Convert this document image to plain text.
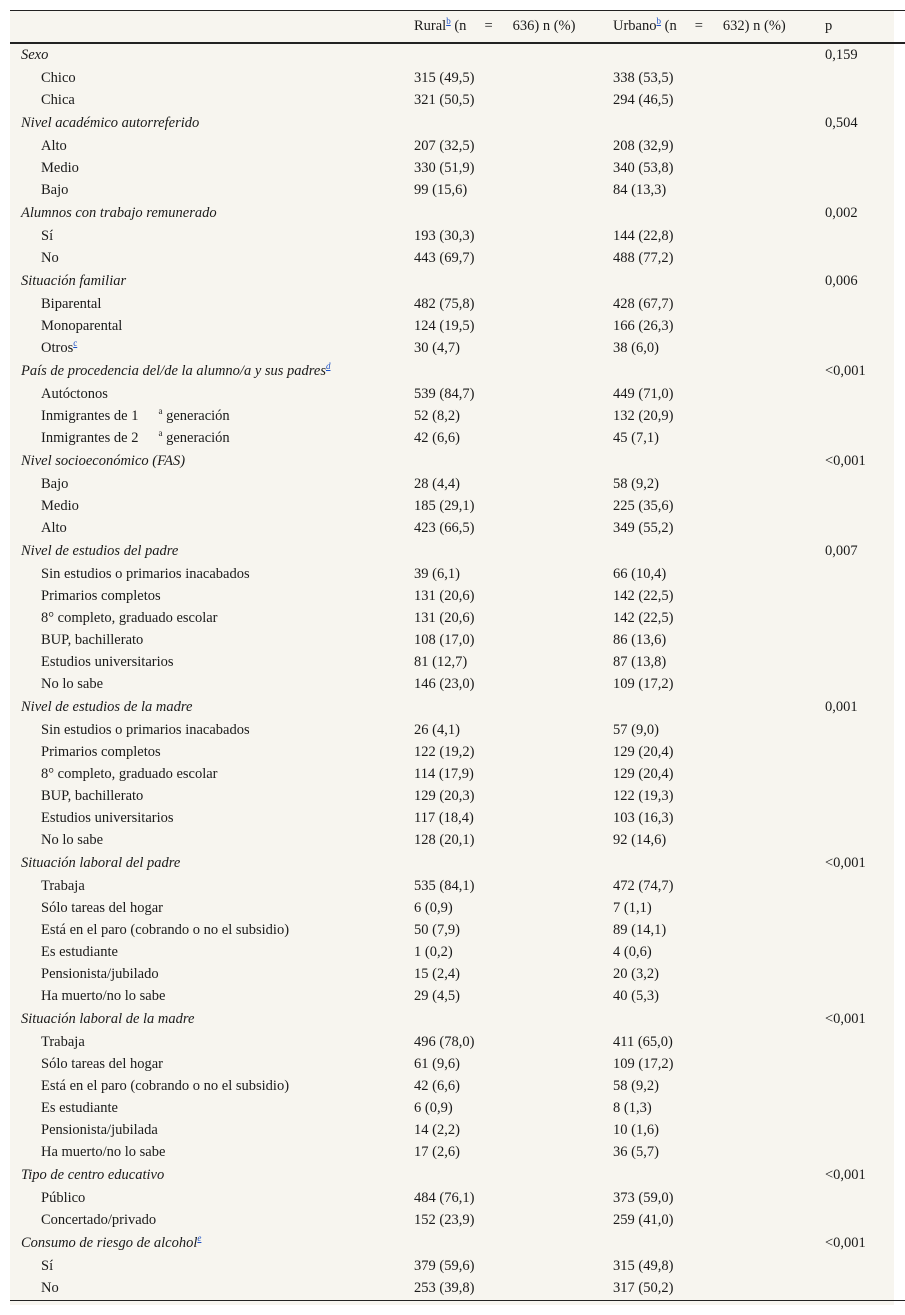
	Rural$^b$ (n = 636) n (%)	Urbano$^b$ (n = 632) n (%)	p
Sexo			0,159
Chico	315 (49,5)	338 (53,5)	
Chica	321 (50,5)	294 (46,5)	
Nivel académico autorreferido			0,504
Alto	207 (32,5)	208 (32,9)	
Medio	330 (51,9)	340 (53,8)	
Bajo	99 (15,6)	84 (13,3)	
Alumnos con trabajo remunerado			0,002
Sí	193 (30,3)	144 (22,8)	
No	443 (69,7)	488 (77,2)	
Situación familiar			0,006
Biparental	482 (75,8)	428 (67,7)	
Monoparental	124 (19,5)	166 (26,3)	
Otros$^c$	30 (4,7)	38 (6,0)	
País de procedencia del/de la alumno/a y sus padres$^d$			<0,001
Autóctonos	539 (84,7)	449 (71,0)	
Inmigrantes de 1 $^a$ generación	52 (8,2)	132 (20,9)	
Inmigrantes de 2 $^a$ generación	42 (6,6)	45 (7,1)	
Nivel socioeconómico (FAS)			<0,001
Bajo	28 (4,4)	58 (9,2)	
Medio	185 (29,1)	225 (35,6)	
Alto	423 (66,5)	349 (55,2)	
Nivel de estudios del padre			0,007
Sin estudios o primarios inacabados	39 (6,1)	66 (10,4)	
Primarios completos	131 (20,6)	142 (22,5)	
8° completo, graduado escolar	131 (20,6)	142 (22,5)	
BUP, bachillerato	108 (17,0)	86 (13,6)	
Estudios universitarios	81 (12,7)	87 (13,8)	
No lo sabe	146 (23,0)	109 (17,2)	
Nivel de estudios de la madre			0,001
Sin estudios o primarios inacabados	26 (4,1)	57 (9,0)	
Primarios completos	122 (19,2)	129 (20,4)	
8° completo, graduado escolar	114 (17,9)	129 (20,4)	
BUP, bachillerato	129 (20,3)	122 (19,3)	
Estudios universitarios	117 (18,4)	103 (16,3)	
No lo sabe	128 (20,1)	92 (14,6)	
Situación laboral del padre			<0,001
Trabaja	535 (84,1)	472 (74,7)	
Sólo tareas del hogar	6 (0,9)	7 (1,1)	
Está en el paro (cobrando o no el subsidio)	50 (7,9)	89 (14,1)	
Es estudiante	1 (0,2)	4 (0,6)	
Pensionista/jubilado	15 (2,4)	20 (3,2)	
Ha muerto/no lo sabe	29 (4,5)	40 (5,3)	
Situación laboral de la madre			<0,001
Trabaja	496 (78,0)	411 (65,0)	
Sólo tareas del hogar	61 (9,6)	109 (17,2)	
Está en el paro (cobrando o no el subsidio)	42 (6,6)	58 (9,2)	
Es estudiante	6 (0,9)	8 (1,3)	
Pensionista/jubilada	14 (2,2)	10 (1,6)	
Ha muerto/no lo sabe	17 (2,6)	36 (5,7)	
Tipo de centro educativo			<0,001
Público	484 (76,1)	373 (59,0)	
Concertado/privado	152 (23,9)	259 (41,0)	
Consumo de riesgo de alcohol$^e$			<0,001
Sí	379 (59,6)	315 (49,8)	
No	253 (39,8)	317 (50,2)	
